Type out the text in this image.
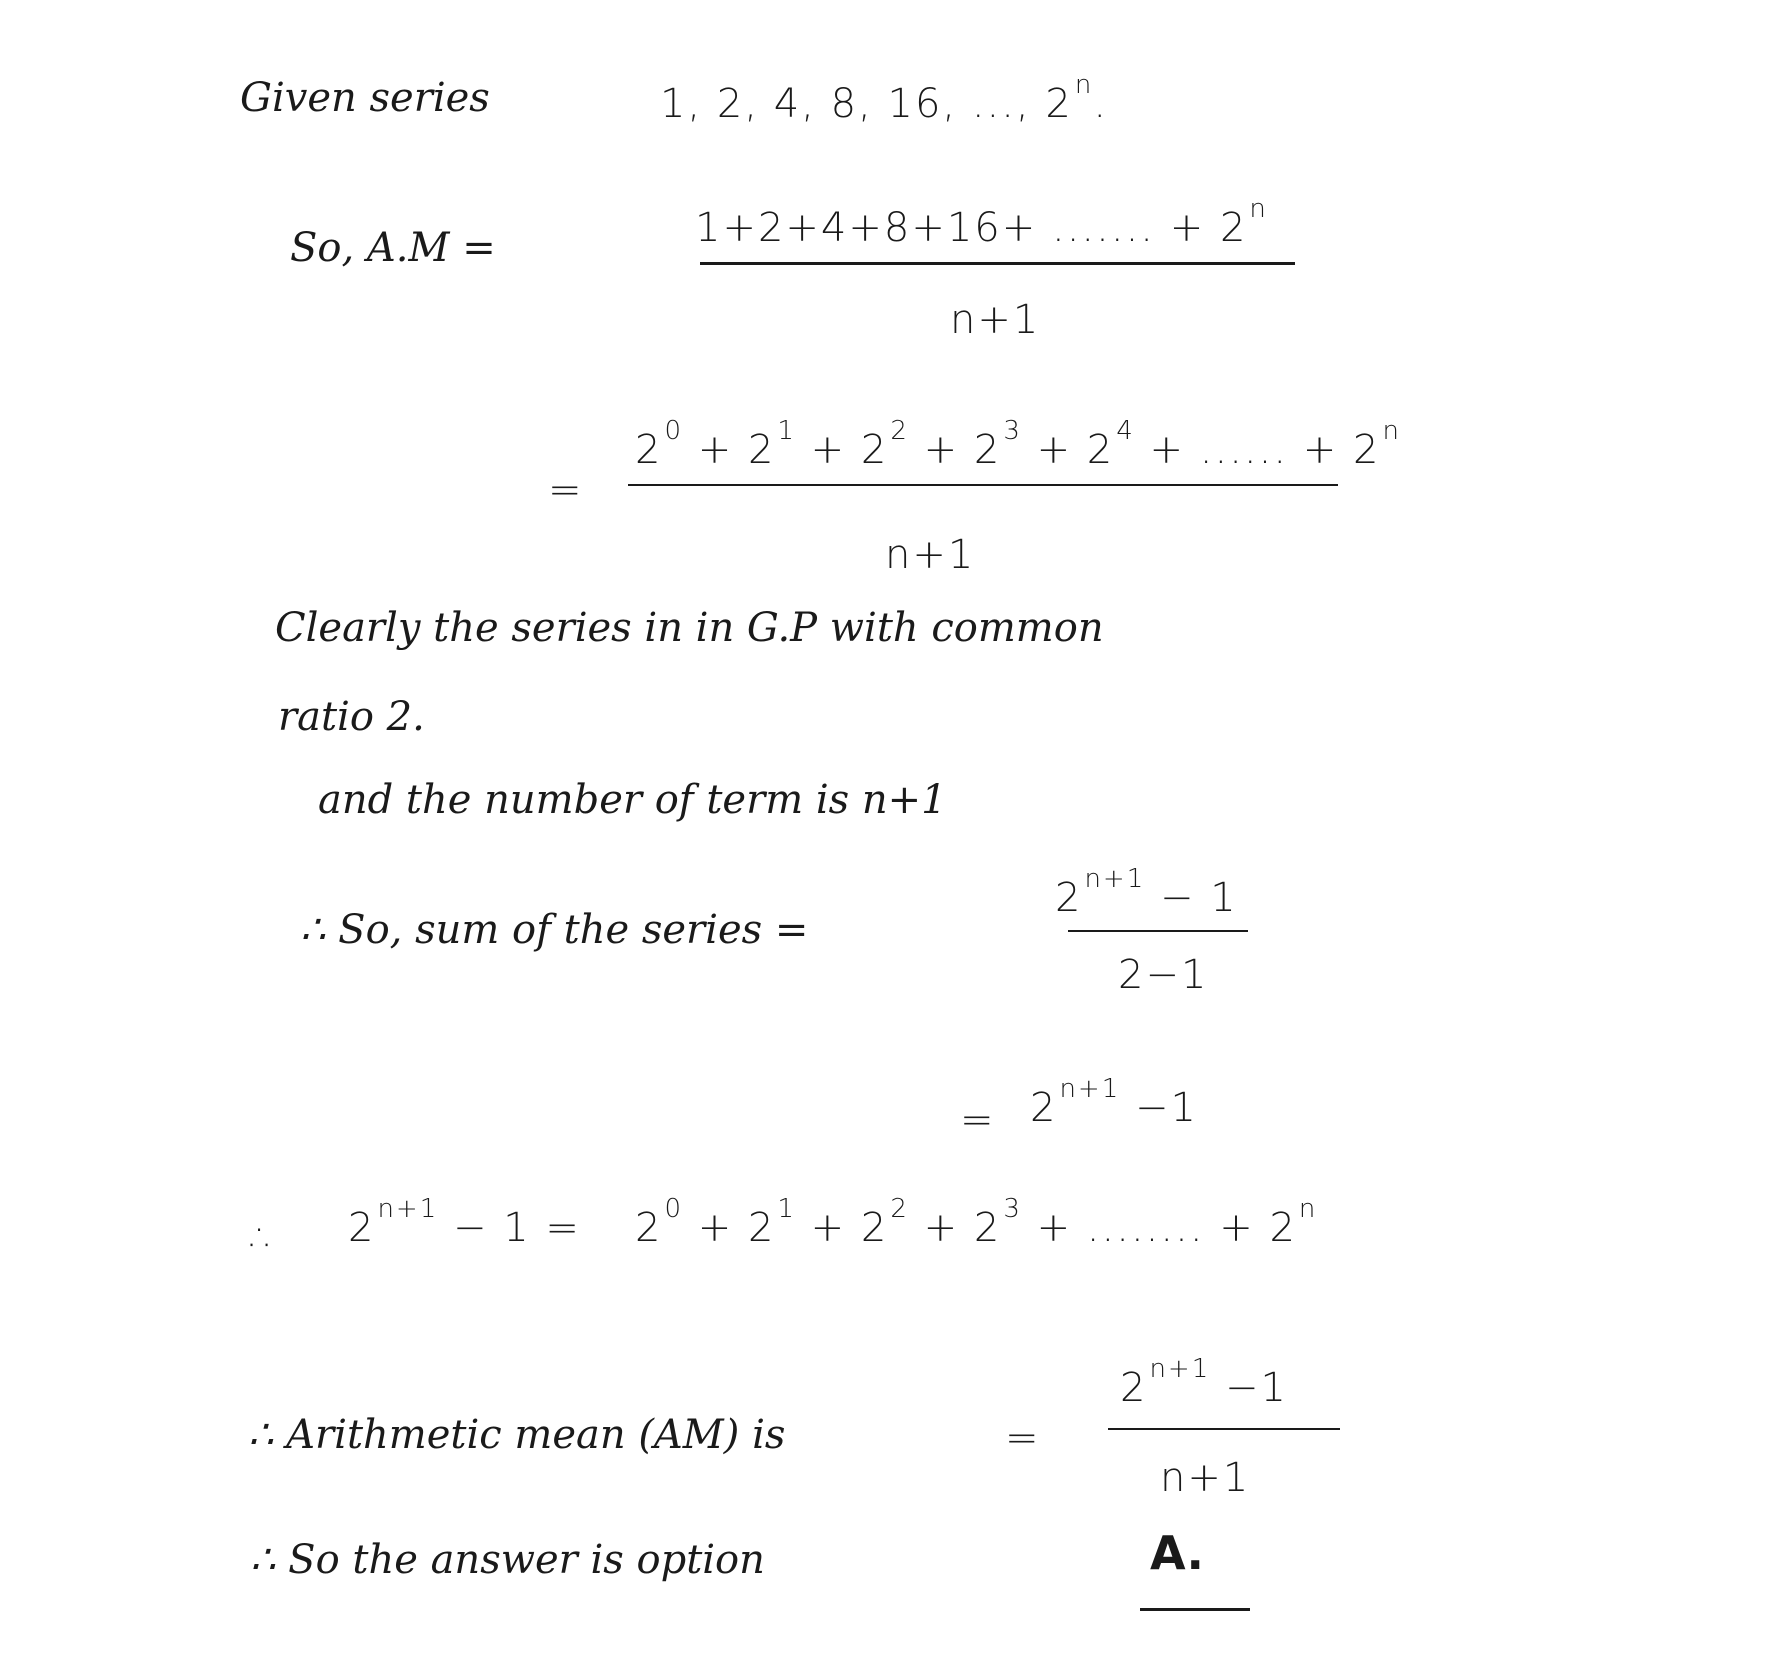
Given series	1, 2, 4, 8, 16, ..., 2$^n$.
So, A.M =	1+2+4+8+16+ ....... + $2^n$
n+1
=
$2^0 + 2^1 + 2^2 + 2^3 + 2^4$ + ...... + $2^n$
n+1
Clearly the series in in G.P with common
ratio 2.
and the number of term is n+1
∴ So, sum of the series =
$2^{n+1} - 1$
2−1
= $2^{n+1} -1$
∴ $2^{n+1} - 1 = 2^0 + 2^1 + 2^2 + 2^3$ + ........ + $2^n$
∴ Arithmetic mean (AM) is	=
$2^{n+1} -1$
n+1
∴ So the answer is option	A.
